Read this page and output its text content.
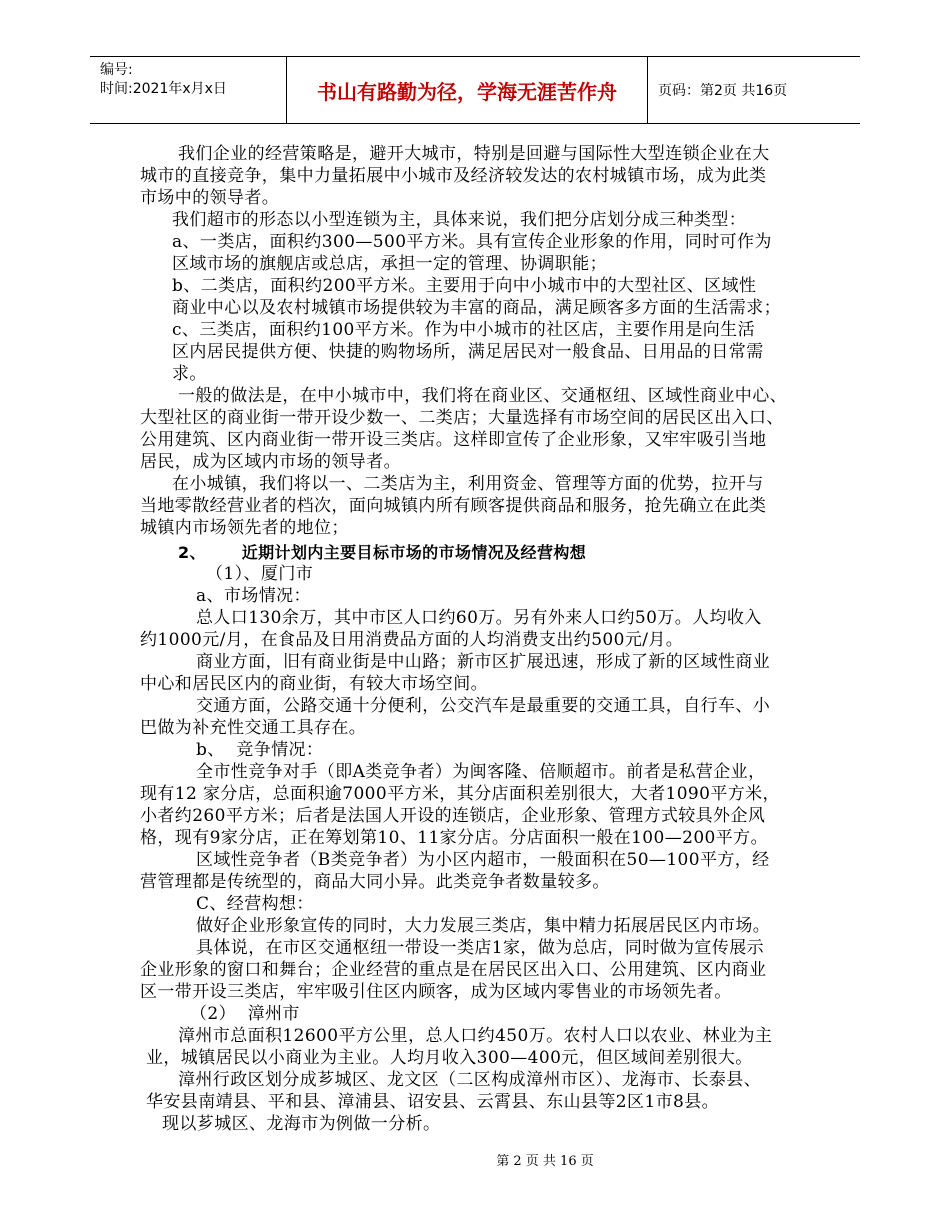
编号:
时间:2021年x月x日	书山有路勤为径，学海无涯苦作舟	页码：第2页 共16页
我们企业的经营策略是，避开大城市，特别是回避与国际性大型连锁企业在大
城市的直接竞争，集中力量拓展中小城市及经济较发达的农村城镇市场，成为此类
市场中的领导者。
我们超市的形态以小型连锁为主，具体来说，我们把分店划分成三种类型：
a、一类店，面积约300—500平方米。具有宣传企业形象的作用，同时可作为
区域市场的旗舰店或总店，承担一定的管理、协调职能；
b、二类店，面积约200平方米。主要用于向中小城市中的大型社区、区域性
商业中心以及农村城镇市场提供较为丰富的商品，满足顾客多方面的生活需求；
c、三类店，面积约100平方米。作为中小城市的社区店，主要作用是向生活
区内居民提供方便、快捷的购物场所，满足居民对一般食品、日用品的日常需
求。
一般的做法是，在中小城市中，我们将在商业区、交通枢纽、区域性商业中心、
大型社区的商业街一带开设少数一、二类店；大量选择有市场空间的居民区出入口、
公用建筑、区内商业街一带开设三类店。这样即宣传了企业形象，又牢牢吸引当地
居民，成为区域内市场的领导者。
在小城镇，我们将以一、二类店为主，利用资金、管理等方面的优势，拉开与
当地零散经营业者的档次，面向城镇内所有顾客提供商品和服务，抢先确立在此类
城镇内市场领先者的地位；
2、      近期计划内主要目标市场的市场情况及经营构想
（1）、厦门市
a、市场情况：
总人口130余万，其中市区人口约60万。另有外来人口约50万。人均收入
约1000元/月，在食品及日用消费品方面的人均消费支出约500元/月。
商业方面，旧有商业街是中山路；新市区扩展迅速，形成了新的区域性商业
中心和居民区内的商业街，有较大市场空间。
交通方面，公路交通十分便利，公交汽车是最重要的交通工具，自行车、小
巴做为补充性交通工具存在。
b、  竞争情况：
全市性竞争对手（即A类竞争者）为闽客隆、倍顺超市。前者是私营企业，
现有12 家分店，总面积逾7000平方米，其分店面积差别很大，大者1090平方米，
小者约260平方米；后者是法国人开设的连锁店，企业形象、管理方式较具外企风
格，现有9家分店，正在筹划第10、11家分店。分店面积一般在100—200平方。
区域性竞争者（B类竞争者）为小区内超市，一般面积在50—100平方，经
营管理都是传统型的，商品大同小异。此类竞争者数量较多。
C、经营构想：
做好企业形象宣传的同时，大力发展三类店，集中精力拓展居民区内市场。
具体说，在市区交通枢纽一带设一类店1家，做为总店，同时做为宣传展示
企业形象的窗口和舞台；企业经营的重点是在居民区出入口、公用建筑、区内商业
区一带开设三类店，牢牢吸引住区内顾客，成为区域内零售业的市场领先者。
（2）  漳州市
漳州市总面积12600平方公里，总人口约450万。农村人口以农业、林业为主
业，城镇居民以小商业为主业。人均月收入300—400元，但区域间差别很大。
漳州行政区划分成芗城区、龙文区（二区构成漳州市区）、龙海市、长泰县、
华安县南靖县、平和县、漳浦县、诏安县、云霄县、东山县等2区1市8县。
现以芗城区、龙海市为例做一分析。
第 2 页 共 16 页
